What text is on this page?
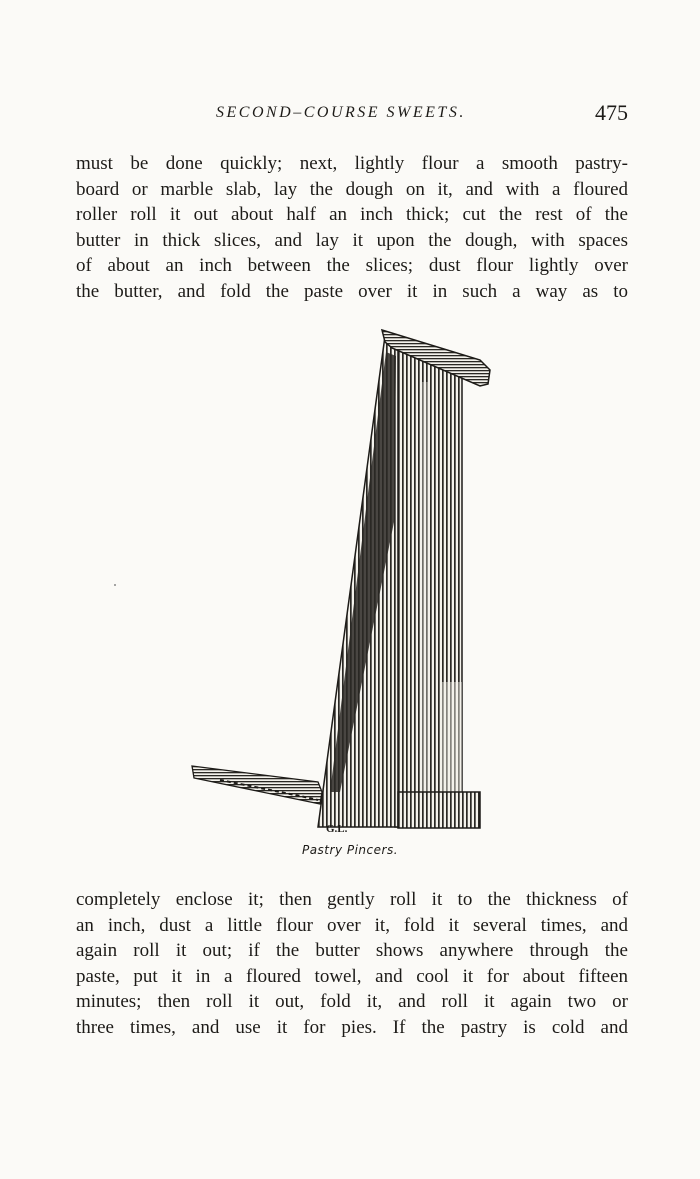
SECOND–COURSE SWEETS.	475
must be done quickly; next, lightly flour a smooth pastry-
board or marble slab, lay the dough on it, and with a floured
roller roll it out about half an inch thick; cut the rest of the
butter in thick slices, and lay it upon the dough, with spaces
of about an inch between the slices; dust flour lightly over
the butter, and fold the paste over it in such a way as to
G.L.
Pastry Pincers.
completely enclose it; then gently roll it to the thickness of
an inch, dust a little flour over it, fold it several times, and
again roll it out; if the butter shows anywhere through the
paste, put it in a floured towel, and cool it for about fifteen
minutes; then roll it out, fold it, and roll it again two or
three times, and use it for pies. If the pastry is cold and
